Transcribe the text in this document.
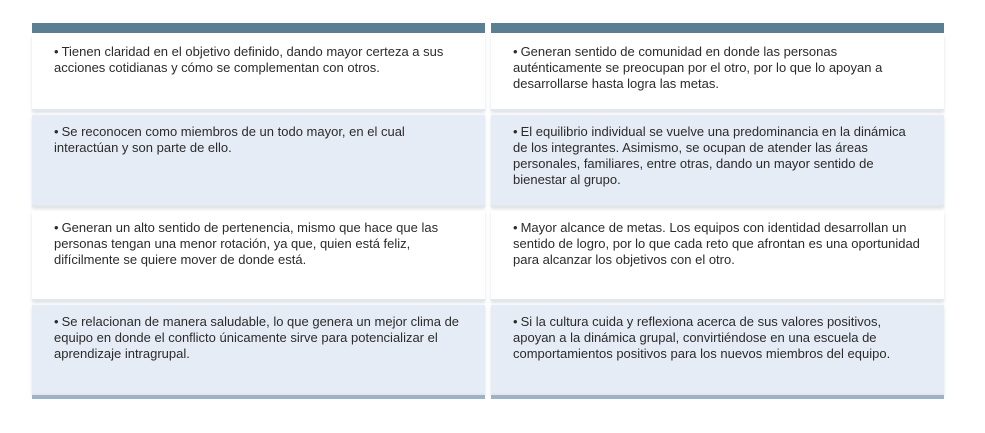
• Tienen claridad en el objetivo definido, dando mayor certeza a sus acciones cotidianas y cómo se complementan con otros.
• Generan sentido de comunidad en donde las personas auténticamente se preocupan por el otro, por lo que lo apoyan a desarrollarse hasta logra las metas.
• Se reconocen como miembros de un todo mayor, en el cual interactúan y son parte de ello.
• El equilibrio individual se vuelve una predominancia en la dinámica de los integrantes. Asimismo, se ocupan de atender las áreas personales, familiares, entre otras, dando un mayor sentido de bienestar al grupo.
• Generan un alto sentido de pertenencia, mismo que hace que las personas tengan una menor rotación, ya que, quien está feliz, difícilmente se quiere mover de donde está.
• Mayor alcance de metas. Los equipos con identidad desarrollan un sentido de logro, por lo que cada reto que afrontan es una oportunidad para alcanzar los objetivos con el otro.
• Se relacionan de manera saludable, lo que genera un mejor clima de equipo en donde el conflicto únicamente sirve para potencializar el aprendizaje intragrupal.
• Si la cultura cuida y reflexiona acerca de sus valores positivos, apoyan a la dinámica grupal, convirtiéndose en una escuela de comportamientos positivos para los nuevos miembros del equipo.
